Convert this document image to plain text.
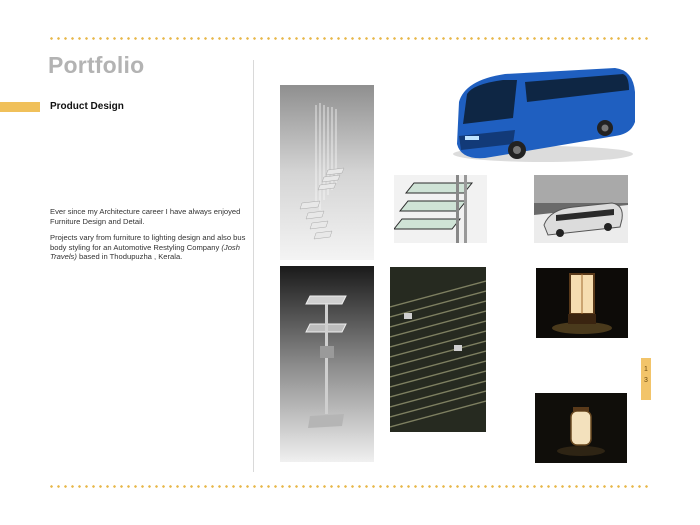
Portfolio
Product Design

Ever since my Architecture career I have always enjoyed Furniture Design and Detail.

Projects vary from furniture to lighting design and also bus body styling for an Automotive Restyling Company (Josh Travels) based in Thodupuzha , Kerala.

1
3
